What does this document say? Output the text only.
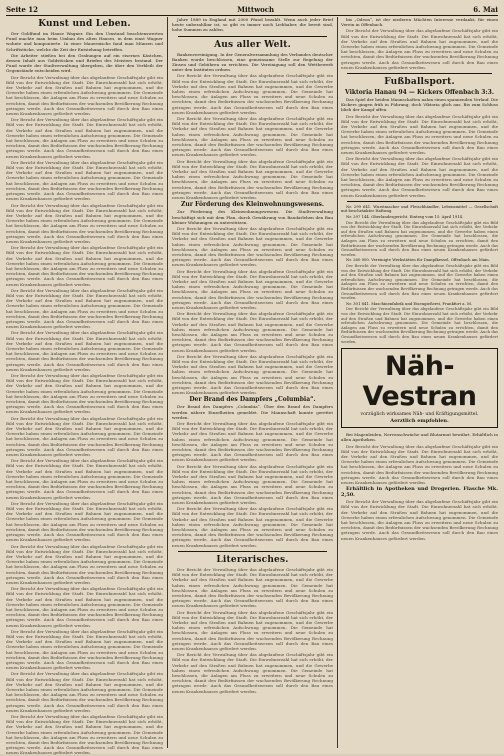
Seite 12	Mittwoch	6. Mai
Kunst und Leben.

Der Goldfund im Hause Wagner. Ein den Umstand beachtenswerten Fund machte man beim Umbau des alten Hauses, in dem einst Wagner wohnte und komponierte. In einer Mauernische fand man Münzen und Schriftstücke, welche die Zeit der Entstehung betreffen.

Die Arbeiter stießen bei den Grabungen auf ein eisernes Kästchen, dessen Inhalt aus Goldstücken und Briefen des Meisters bestand. Der Fund wurde der Stadtverwaltung übergeben, die über den Verbleib der Gegenstände entscheiden wird.

Der Bericht der Verwaltung über das abgelaufene Geschäftsjahr gibt ein Bild von der Entwicklung der Stadt. Die Einwohnerzahl hat sich erhöht, der Verkehr auf den Straßen und Bahnen hat zugenommen, und die Gewerbe haben einen erfreulichen Aufschwung genommen. Die Gemeinde hat beschlossen, die Anlagen am Fluss zu erweitern und neue Schulen zu errichten, damit den Bedürfnissen der wachsenden Bevölkerung Rechnung getragen werde. Auch das Gesundheitswesen soll durch den Bau eines neuen Krankenhauses gefördert werden.

Der Bericht der Verwaltung über das abgelaufene Geschäftsjahr gibt ein Bild von der Entwicklung der Stadt. Die Einwohnerzahl hat sich erhöht, der Verkehr auf den Straßen und Bahnen hat zugenommen, und die Gewerbe haben einen erfreulichen Aufschwung genommen. Die Gemeinde hat beschlossen, die Anlagen am Fluss zu erweitern und neue Schulen zu errichten, damit den Bedürfnissen der wachsenden Bevölkerung Rechnung getragen werde. Auch das Gesundheitswesen soll durch den Bau eines neuen Krankenhauses gefördert werden.

Der Bericht der Verwaltung über das abgelaufene Geschäftsjahr gibt ein Bild von der Entwicklung der Stadt. Die Einwohnerzahl hat sich erhöht, der Verkehr auf den Straßen und Bahnen hat zugenommen, und die Gewerbe haben einen erfreulichen Aufschwung genommen. Die Gemeinde hat beschlossen, die Anlagen am Fluss zu erweitern und neue Schulen zu errichten, damit den Bedürfnissen der wachsenden Bevölkerung Rechnung getragen werde. Auch das Gesundheitswesen soll durch den Bau eines neuen Krankenhauses gefördert werden.

Der Bericht der Verwaltung über das abgelaufene Geschäftsjahr gibt ein Bild von der Entwicklung der Stadt. Die Einwohnerzahl hat sich erhöht, der Verkehr auf den Straßen und Bahnen hat zugenommen, und die Gewerbe haben einen erfreulichen Aufschwung genommen. Die Gemeinde hat beschlossen, die Anlagen am Fluss zu erweitern und neue Schulen zu errichten, damit den Bedürfnissen der wachsenden Bevölkerung Rechnung getragen werde. Auch das Gesundheitswesen soll durch den Bau eines neuen Krankenhauses gefördert werden.

Der Bericht der Verwaltung über das abgelaufene Geschäftsjahr gibt ein Bild von der Entwicklung der Stadt. Die Einwohnerzahl hat sich erhöht, der Verkehr auf den Straßen und Bahnen hat zugenommen, und die Gewerbe haben einen erfreulichen Aufschwung genommen. Die Gemeinde hat beschlossen, die Anlagen am Fluss zu erweitern und neue Schulen zu errichten, damit den Bedürfnissen der wachsenden Bevölkerung Rechnung getragen werde. Auch das Gesundheitswesen soll durch den Bau eines neuen Krankenhauses gefördert werden.

Der Bericht der Verwaltung über das abgelaufene Geschäftsjahr gibt ein Bild von der Entwicklung der Stadt. Die Einwohnerzahl hat sich erhöht, der Verkehr auf den Straßen und Bahnen hat zugenommen, und die Gewerbe haben einen erfreulichen Aufschwung genommen. Die Gemeinde hat beschlossen, die Anlagen am Fluss zu erweitern und neue Schulen zu errichten, damit den Bedürfnissen der wachsenden Bevölkerung Rechnung getragen werde. Auch das Gesundheitswesen soll durch den Bau eines neuen Krankenhauses gefördert werden.

Der Bericht der Verwaltung über das abgelaufene Geschäftsjahr gibt ein Bild von der Entwicklung der Stadt. Die Einwohnerzahl hat sich erhöht, der Verkehr auf den Straßen und Bahnen hat zugenommen, und die Gewerbe haben einen erfreulichen Aufschwung genommen. Die Gemeinde hat beschlossen, die Anlagen am Fluss zu erweitern und neue Schulen zu errichten, damit den Bedürfnissen der wachsenden Bevölkerung Rechnung getragen werde. Auch das Gesundheitswesen soll durch den Bau eines neuen Krankenhauses gefördert werden.

Der Bericht der Verwaltung über das abgelaufene Geschäftsjahr gibt ein Bild von der Entwicklung der Stadt. Die Einwohnerzahl hat sich erhöht, der Verkehr auf den Straßen und Bahnen hat zugenommen, und die Gewerbe haben einen erfreulichen Aufschwung genommen. Die Gemeinde hat beschlossen, die Anlagen am Fluss zu erweitern und neue Schulen zu errichten, damit den Bedürfnissen der wachsenden Bevölkerung Rechnung getragen werde. Auch das Gesundheitswesen soll durch den Bau eines neuen Krankenhauses gefördert werden.

Der Bericht der Verwaltung über das abgelaufene Geschäftsjahr gibt ein Bild von der Entwicklung der Stadt. Die Einwohnerzahl hat sich erhöht, der Verkehr auf den Straßen und Bahnen hat zugenommen, und die Gewerbe haben einen erfreulichen Aufschwung genommen. Die Gemeinde hat beschlossen, die Anlagen am Fluss zu erweitern und neue Schulen zu errichten, damit den Bedürfnissen der wachsenden Bevölkerung Rechnung getragen werde. Auch das Gesundheitswesen soll durch den Bau eines neuen Krankenhauses gefördert werden.

Der Bericht der Verwaltung über das abgelaufene Geschäftsjahr gibt ein Bild von der Entwicklung der Stadt. Die Einwohnerzahl hat sich erhöht, der Verkehr auf den Straßen und Bahnen hat zugenommen, und die Gewerbe haben einen erfreulichen Aufschwung genommen. Die Gemeinde hat beschlossen, die Anlagen am Fluss zu erweitern und neue Schulen zu errichten, damit den Bedürfnissen der wachsenden Bevölkerung Rechnung getragen werde. Auch das Gesundheitswesen soll durch den Bau eines neuen Krankenhauses gefördert werden.

Der Bericht der Verwaltung über das abgelaufene Geschäftsjahr gibt ein Bild von der Entwicklung der Stadt. Die Einwohnerzahl hat sich erhöht, der Verkehr auf den Straßen und Bahnen hat zugenommen, und die Gewerbe haben einen erfreulichen Aufschwung genommen. Die Gemeinde hat beschlossen, die Anlagen am Fluss zu erweitern und neue Schulen zu errichten, damit den Bedürfnissen der wachsenden Bevölkerung Rechnung getragen werde. Auch das Gesundheitswesen soll durch den Bau eines neuen Krankenhauses gefördert werden.

Der Bericht der Verwaltung über das abgelaufene Geschäftsjahr gibt ein Bild von der Entwicklung der Stadt. Die Einwohnerzahl hat sich erhöht, der Verkehr auf den Straßen und Bahnen hat zugenommen, und die Gewerbe haben einen erfreulichen Aufschwung genommen. Die Gemeinde hat beschlossen, die Anlagen am Fluss zu erweitern und neue Schulen zu errichten, damit den Bedürfnissen der wachsenden Bevölkerung Rechnung getragen werde. Auch das Gesundheitswesen soll durch den Bau eines neuen Krankenhauses gefördert werden.

Der Bericht der Verwaltung über das abgelaufene Geschäftsjahr gibt ein Bild von der Entwicklung der Stadt. Die Einwohnerzahl hat sich erhöht, der Verkehr auf den Straßen und Bahnen hat zugenommen, und die Gewerbe haben einen erfreulichen Aufschwung genommen. Die Gemeinde hat beschlossen, die Anlagen am Fluss zu erweitern und neue Schulen zu errichten, damit den Bedürfnissen der wachsenden Bevölkerung Rechnung getragen werde. Auch das Gesundheitswesen soll durch den Bau eines neuen Krankenhauses gefördert werden.

Der Bericht der Verwaltung über das abgelaufene Geschäftsjahr gibt ein Bild von der Entwicklung der Stadt. Die Einwohnerzahl hat sich erhöht, der Verkehr auf den Straßen und Bahnen hat zugenommen, und die Gewerbe haben einen erfreulichen Aufschwung genommen. Die Gemeinde hat beschlossen, die Anlagen am Fluss zu erweitern und neue Schulen zu errichten, damit den Bedürfnissen der wachsenden Bevölkerung Rechnung getragen werde. Auch das Gesundheitswesen soll durch den Bau eines neuen Krankenhauses gefördert werden.

Der Bericht der Verwaltung über das abgelaufene Geschäftsjahr gibt ein Bild von der Entwicklung der Stadt. Die Einwohnerzahl hat sich erhöht, der Verkehr auf den Straßen und Bahnen hat zugenommen, und die Gewerbe haben einen erfreulichen Aufschwung genommen. Die Gemeinde hat beschlossen, die Anlagen am Fluss zu erweitern und neue Schulen zu errichten, damit den Bedürfnissen der wachsenden Bevölkerung Rechnung getragen werde. Auch das Gesundheitswesen soll durch den Bau eines neuen Krankenhauses gefördert werden.

Der Bericht der Verwaltung über das abgelaufene Geschäftsjahr gibt ein Bild von der Entwicklung der Stadt. Die Einwohnerzahl hat sich erhöht, der Verkehr auf den Straßen und Bahnen hat zugenommen, und die Gewerbe haben einen erfreulichen Aufschwung genommen. Die Gemeinde hat beschlossen, die Anlagen am Fluss zu erweitern und neue Schulen zu errichten, damit den Bedürfnissen der wachsenden Bevölkerung Rechnung getragen werde. Auch das Gesundheitswesen soll durch den Bau eines neuen Krankenhauses gefördert werden.

Jahre 1889 in England mit 2000 Pfund bezahlt. Wenn auch jeder Brief heute unbezahlbar ist, so gibt es immer noch Liebhaber, die bereit sind, hohe Summen zu zahlen.

Aus aller Welt.

Bankenvereinigung. In der Generalversammlung des Verbandes deutscher Banken wurde beschlossen, eine gemeinsame Stelle zur Regelung der Zinsen und Gebühren zu errichten. Die Vereinigung soll den Wettbewerb unter den Instituten ordnen.

Der Bericht der Verwaltung über das abgelaufene Geschäftsjahr gibt ein Bild von der Entwicklung der Stadt. Die Einwohnerzahl hat sich erhöht, der Verkehr auf den Straßen und Bahnen hat zugenommen, und die Gewerbe haben einen erfreulichen Aufschwung genommen. Die Gemeinde hat beschlossen, die Anlagen am Fluss zu erweitern und neue Schulen zu errichten, damit den Bedürfnissen der wachsenden Bevölkerung Rechnung getragen werde. Auch das Gesundheitswesen soll durch den Bau eines neuen Krankenhauses gefördert werden.

Der Bericht der Verwaltung über das abgelaufene Geschäftsjahr gibt ein Bild von der Entwicklung der Stadt. Die Einwohnerzahl hat sich erhöht, der Verkehr auf den Straßen und Bahnen hat zugenommen, und die Gewerbe haben einen erfreulichen Aufschwung genommen. Die Gemeinde hat beschlossen, die Anlagen am Fluss zu erweitern und neue Schulen zu errichten, damit den Bedürfnissen der wachsenden Bevölkerung Rechnung getragen werde. Auch das Gesundheitswesen soll durch den Bau eines neuen Krankenhauses gefördert werden.

Der Bericht der Verwaltung über das abgelaufene Geschäftsjahr gibt ein Bild von der Entwicklung der Stadt. Die Einwohnerzahl hat sich erhöht, der Verkehr auf den Straßen und Bahnen hat zugenommen, und die Gewerbe haben einen erfreulichen Aufschwung genommen. Die Gemeinde hat beschlossen, die Anlagen am Fluss zu erweitern und neue Schulen zu errichten, damit den Bedürfnissen der wachsenden Bevölkerung Rechnung getragen werde. Auch das Gesundheitswesen soll durch den Bau eines neuen Krankenhauses gefördert werden.

Zur Förderung des Kleinwohnungswesens.

Zur Förderung des Kleinwohnungswesens. Die Stadtverwaltung beschäftigt sich mit dem Plan, durch Gewährung von Baudarlehen den Bau kleiner Wohnungen zu unterstützen.

Der Bericht der Verwaltung über das abgelaufene Geschäftsjahr gibt ein Bild von der Entwicklung der Stadt. Die Einwohnerzahl hat sich erhöht, der Verkehr auf den Straßen und Bahnen hat zugenommen, und die Gewerbe haben einen erfreulichen Aufschwung genommen. Die Gemeinde hat beschlossen, die Anlagen am Fluss zu erweitern und neue Schulen zu errichten, damit den Bedürfnissen der wachsenden Bevölkerung Rechnung getragen werde. Auch das Gesundheitswesen soll durch den Bau eines neuen Krankenhauses gefördert werden.

Der Bericht der Verwaltung über das abgelaufene Geschäftsjahr gibt ein Bild von der Entwicklung der Stadt. Die Einwohnerzahl hat sich erhöht, der Verkehr auf den Straßen und Bahnen hat zugenommen, und die Gewerbe haben einen erfreulichen Aufschwung genommen. Die Gemeinde hat beschlossen, die Anlagen am Fluss zu erweitern und neue Schulen zu errichten, damit den Bedürfnissen der wachsenden Bevölkerung Rechnung getragen werde. Auch das Gesundheitswesen soll durch den Bau eines neuen Krankenhauses gefördert werden.

Der Bericht der Verwaltung über das abgelaufene Geschäftsjahr gibt ein Bild von der Entwicklung der Stadt. Die Einwohnerzahl hat sich erhöht, der Verkehr auf den Straßen und Bahnen hat zugenommen, und die Gewerbe haben einen erfreulichen Aufschwung genommen. Die Gemeinde hat beschlossen, die Anlagen am Fluss zu erweitern und neue Schulen zu errichten, damit den Bedürfnissen der wachsenden Bevölkerung Rechnung getragen werde. Auch das Gesundheitswesen soll durch den Bau eines neuen Krankenhauses gefördert werden.

Der Bericht der Verwaltung über das abgelaufene Geschäftsjahr gibt ein Bild von der Entwicklung der Stadt. Die Einwohnerzahl hat sich erhöht, der Verkehr auf den Straßen und Bahnen hat zugenommen, und die Gewerbe haben einen erfreulichen Aufschwung genommen. Die Gemeinde hat beschlossen, die Anlagen am Fluss zu erweitern und neue Schulen zu errichten, damit den Bedürfnissen der wachsenden Bevölkerung Rechnung getragen werde. Auch das Gesundheitswesen soll durch den Bau eines neuen Krankenhauses gefördert werden.

Der Brand des Dampfers „Columbia“.

Der Brand des Dampfers „Columbia“. Über den Brand des Dampfers werden nähere Einzelheiten gemeldet. Die Mannschaft konnte gerettet werden.

Der Bericht der Verwaltung über das abgelaufene Geschäftsjahr gibt ein Bild von der Entwicklung der Stadt. Die Einwohnerzahl hat sich erhöht, der Verkehr auf den Straßen und Bahnen hat zugenommen, und die Gewerbe haben einen erfreulichen Aufschwung genommen. Die Gemeinde hat beschlossen, die Anlagen am Fluss zu erweitern und neue Schulen zu errichten, damit den Bedürfnissen der wachsenden Bevölkerung Rechnung getragen werde. Auch das Gesundheitswesen soll durch den Bau eines neuen Krankenhauses gefördert werden.

Der Bericht der Verwaltung über das abgelaufene Geschäftsjahr gibt ein Bild von der Entwicklung der Stadt. Die Einwohnerzahl hat sich erhöht, der Verkehr auf den Straßen und Bahnen hat zugenommen, und die Gewerbe haben einen erfreulichen Aufschwung genommen. Die Gemeinde hat beschlossen, die Anlagen am Fluss zu erweitern und neue Schulen zu errichten, damit den Bedürfnissen der wachsenden Bevölkerung Rechnung getragen werde. Auch das Gesundheitswesen soll durch den Bau eines neuen Krankenhauses gefördert werden.

Der Bericht der Verwaltung über das abgelaufene Geschäftsjahr gibt ein Bild von der Entwicklung der Stadt. Die Einwohnerzahl hat sich erhöht, der Verkehr auf den Straßen und Bahnen hat zugenommen, und die Gewerbe haben einen erfreulichen Aufschwung genommen. Die Gemeinde hat beschlossen, die Anlagen am Fluss zu erweitern und neue Schulen zu errichten, damit den Bedürfnissen der wachsenden Bevölkerung Rechnung getragen werde. Auch das Gesundheitswesen soll durch den Bau eines neuen Krankenhauses gefördert werden.

Literarisches.

Der Bericht der Verwaltung über das abgelaufene Geschäftsjahr gibt ein Bild von der Entwicklung der Stadt. Die Einwohnerzahl hat sich erhöht, der Verkehr auf den Straßen und Bahnen hat zugenommen, und die Gewerbe haben einen erfreulichen Aufschwung genommen. Die Gemeinde hat beschlossen, die Anlagen am Fluss zu erweitern und neue Schulen zu errichten, damit den Bedürfnissen der wachsenden Bevölkerung Rechnung getragen werde. Auch das Gesundheitswesen soll durch den Bau eines neuen Krankenhauses gefördert werden.

Der Bericht der Verwaltung über das abgelaufene Geschäftsjahr gibt ein Bild von der Entwicklung der Stadt. Die Einwohnerzahl hat sich erhöht, der Verkehr auf den Straßen und Bahnen hat zugenommen, und die Gewerbe haben einen erfreulichen Aufschwung genommen. Die Gemeinde hat beschlossen, die Anlagen am Fluss zu erweitern und neue Schulen zu errichten, damit den Bedürfnissen der wachsenden Bevölkerung Rechnung getragen werde. Auch das Gesundheitswesen soll durch den Bau eines neuen Krankenhauses gefördert werden.

Der Bericht der Verwaltung über das abgelaufene Geschäftsjahr gibt ein Bild von der Entwicklung der Stadt. Die Einwohnerzahl hat sich erhöht, der Verkehr auf den Straßen und Bahnen hat zugenommen, und die Gewerbe haben einen erfreulichen Aufschwung genommen. Die Gemeinde hat beschlossen, die Anlagen am Fluss zu erweitern und neue Schulen zu errichten, damit den Bedürfnissen der wachsenden Bevölkerung Rechnung getragen werde. Auch das Gesundheitswesen soll durch den Bau eines neuen Krankenhauses gefördert werden.

bis „Odeon“, ist der niederen Mächten Interesse verdankt, für einen Verein in Offenbach.

Der Bericht der Verwaltung über das abgelaufene Geschäftsjahr gibt ein Bild von der Entwicklung der Stadt. Die Einwohnerzahl hat sich erhöht, der Verkehr auf den Straßen und Bahnen hat zugenommen, und die Gewerbe haben einen erfreulichen Aufschwung genommen. Die Gemeinde hat beschlossen, die Anlagen am Fluss zu erweitern und neue Schulen zu errichten, damit den Bedürfnissen der wachsenden Bevölkerung Rechnung getragen werde. Auch das Gesundheitswesen soll durch den Bau eines neuen Krankenhauses gefördert werden.

Fußballsport.
Viktoria Hanau 94 — Kickers Offenbach 3:3.

Das Spiel der beiden Mannschaften nahm einen spannenden Verlauf. Die Kickers gingen früh in Führung, doch Viktoria glich aus. Bis zum Schluss blieb der Kampf offen.

Der Bericht der Verwaltung über das abgelaufene Geschäftsjahr gibt ein Bild von der Entwicklung der Stadt. Die Einwohnerzahl hat sich erhöht, der Verkehr auf den Straßen und Bahnen hat zugenommen, und die Gewerbe haben einen erfreulichen Aufschwung genommen. Die Gemeinde hat beschlossen, die Anlagen am Fluss zu erweitern und neue Schulen zu errichten, damit den Bedürfnissen der wachsenden Bevölkerung Rechnung getragen werde. Auch das Gesundheitswesen soll durch den Bau eines neuen Krankenhauses gefördert werden.

Der Bericht der Verwaltung über das abgelaufene Geschäftsjahr gibt ein Bild von der Entwicklung der Stadt. Die Einwohnerzahl hat sich erhöht, der Verkehr auf den Straßen und Bahnen hat zugenommen, und die Gewerbe haben einen erfreulichen Aufschwung genommen. Die Gemeinde hat beschlossen, die Anlagen am Fluss zu erweitern und neue Schulen zu errichten, damit den Bedürfnissen der wachsenden Bevölkerung Rechnung getragen werde. Auch das Gesundheitswesen soll durch den Bau eines neuen Krankenhauses gefördert werden.

Nr. 299 641. Wurstmacher und Fleischhändler, Lebensmittel — Gesellschaft mit beschränkter Haftung.

Nr. 297 144. Oberlandesgericht. Eintrag vom 15. April 1914.

Der Bericht der Verwaltung über das abgelaufene Geschäftsjahr gibt ein Bild von der Entwicklung der Stadt. Die Einwohnerzahl hat sich erhöht, der Verkehr auf den Straßen und Bahnen hat zugenommen, und die Gewerbe haben einen erfreulichen Aufschwung genommen. Die Gemeinde hat beschlossen, die Anlagen am Fluss zu erweitern und neue Schulen zu errichten, damit den Bedürfnissen der wachsenden Bevölkerung Rechnung getragen werde. Auch das Gesundheitswesen soll durch den Bau eines neuen Krankenhauses gefördert werden.

Nr. 260 000. Vereinigte Werkstätten für Dampfkessel, Offenbach am Main.

Der Bericht der Verwaltung über das abgelaufene Geschäftsjahr gibt ein Bild von der Entwicklung der Stadt. Die Einwohnerzahl hat sich erhöht, der Verkehr auf den Straßen und Bahnen hat zugenommen, und die Gewerbe haben einen erfreulichen Aufschwung genommen. Die Gemeinde hat beschlossen, die Anlagen am Fluss zu erweitern und neue Schulen zu errichten, damit den Bedürfnissen der wachsenden Bevölkerung Rechnung getragen werde. Auch das Gesundheitswesen soll durch den Bau eines neuen Krankenhauses gefördert werden.

Nr. 301 841. Maschinenfabrik und Eisengießerei, Frankfurt a. M.

Der Bericht der Verwaltung über das abgelaufene Geschäftsjahr gibt ein Bild von der Entwicklung der Stadt. Die Einwohnerzahl hat sich erhöht, der Verkehr auf den Straßen und Bahnen hat zugenommen, und die Gewerbe haben einen erfreulichen Aufschwung genommen. Die Gemeinde hat beschlossen, die Anlagen am Fluss zu erweitern und neue Schulen zu errichten, damit den Bedürfnissen der wachsenden Bevölkerung Rechnung getragen werde. Auch das Gesundheitswesen soll durch den Bau eines neuen Krankenhauses gefördert werden.

Näh-Vestran
vorzüglich wirksames Näh- und Kräftigungsmittel.
Aerztlich empfohlen.

Bei Magenleiden, Nervenschwäche und Blutarmut bewährt. Erhältlich in allen Apotheken.

Der Bericht der Verwaltung über das abgelaufene Geschäftsjahr gibt ein Bild von der Entwicklung der Stadt. Die Einwohnerzahl hat sich erhöht, der Verkehr auf den Straßen und Bahnen hat zugenommen, und die Gewerbe haben einen erfreulichen Aufschwung genommen. Die Gemeinde hat beschlossen, die Anlagen am Fluss zu erweitern und neue Schulen zu errichten, damit den Bedürfnissen der wachsenden Bevölkerung Rechnung getragen werde. Auch das Gesundheitswesen soll durch den Bau eines neuen Krankenhauses gefördert werden.

Erhältlich in Apotheken und Drogerien. Flasche Mk. 2,50.

Der Bericht der Verwaltung über das abgelaufene Geschäftsjahr gibt ein Bild von der Entwicklung der Stadt. Die Einwohnerzahl hat sich erhöht, der Verkehr auf den Straßen und Bahnen hat zugenommen, und die Gewerbe haben einen erfreulichen Aufschwung genommen. Die Gemeinde hat beschlossen, die Anlagen am Fluss zu erweitern und neue Schulen zu errichten, damit den Bedürfnissen der wachsenden Bevölkerung Rechnung getragen werde. Auch das Gesundheitswesen soll durch den Bau eines neuen Krankenhauses gefördert werden.
